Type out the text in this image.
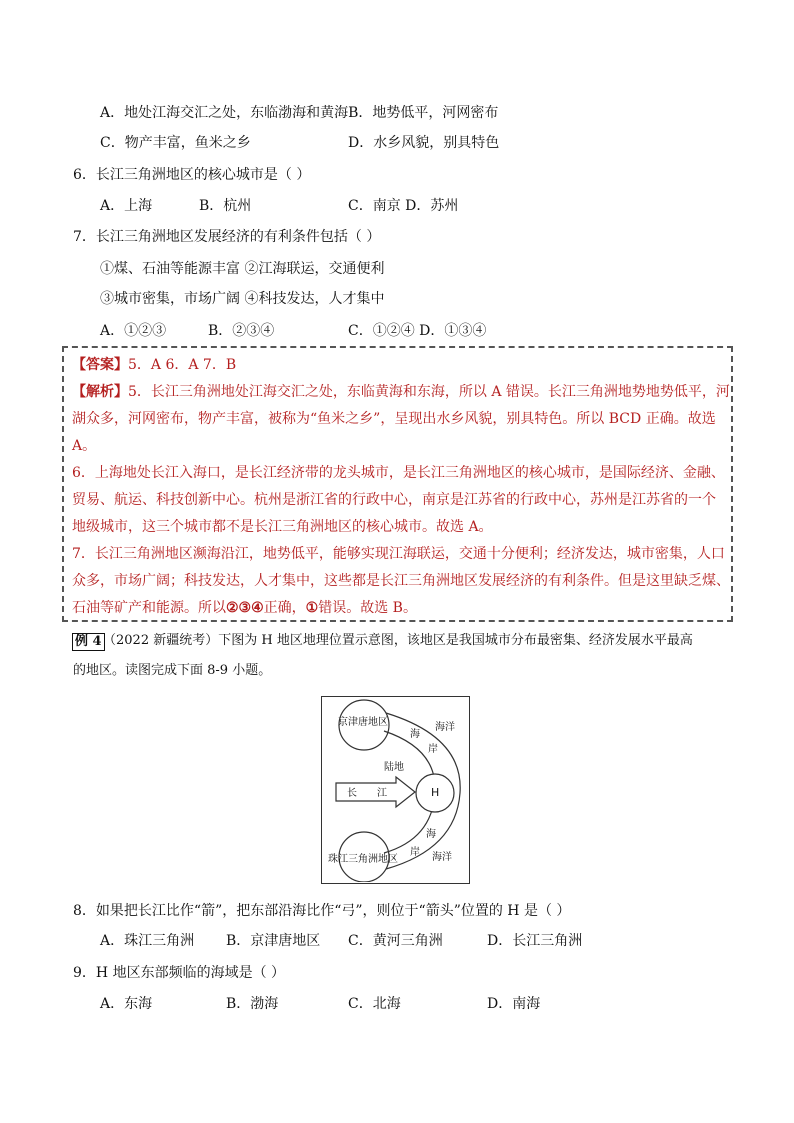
A．地处江海交汇之处，东临渤海和黄海B．地势低平，河网密布
C．物产丰富，鱼米之乡	D．水乡风貌，别具特色
6．长江三角洲地区的核心城市是（ ）
A．上海	B．杭州	C．南京 D．苏州
7．长江三角洲地区发展经济的有利条件包括（ ）
①煤、石油等能源丰富 ②江海联运，交通便利
③城市密集，市场广阔 ④科技发达，人才集中
A．①②③	B．②③④	C．①②④ D．①③④
【答案】5．A 6．A 7．B
【解析】5．长江三角洲地处江海交汇之处，东临黄海和东海，所以 A 错误。长江三角洲地势地势低平，河
湖众多，河网密布，物产丰富，被称为“鱼米之乡”，呈现出水乡风貌，别具特色。所以 BCD 正确。故选
A。
6．上海地处长江入海口，是长江经济带的龙头城市，是长江三角洲地区的核心城市，是国际经济、金融、
贸易、航运、科技创新中心。杭州是浙江省的行政中心，南京是江苏省的行政中心，苏州是江苏省的一个
地级城市，这三个城市都不是长江三角洲地区的核心城市。故选 A。
7．长江三角洲地区濒海沿江，地势低平，能够实现江海联运，交通十分便利；经济发达，城市密集，人口
众多，市场广阔；科技发达，人才集中，这些都是长江三角洲地区发展经济的有利条件。但是这里缺乏煤、
石油等矿产和能源。所以②③④正确，①错误。故选 B。
例 4 （2022 新疆统考）下图为 H 地区地理位置示意图，该地区是我国城市分布最密集、经济发展水平最高
的地区。读图完成下面 8-9 小题。
京津唐地区
珠江三角洲地区
海洋
海洋
陆地
H
长 江
海
岸
海
岸
8．如果把长江比作“箭”，把东部沿海比作“弓”，则位于“箭头”位置的 H 是（ ）
A．珠江三角洲 B．京津唐地区 C．黄河三角洲	D．长江三角洲
9．H 地区东部频临的海域是（ ）
A．东海	B．渤海	C．北海	D．南海
